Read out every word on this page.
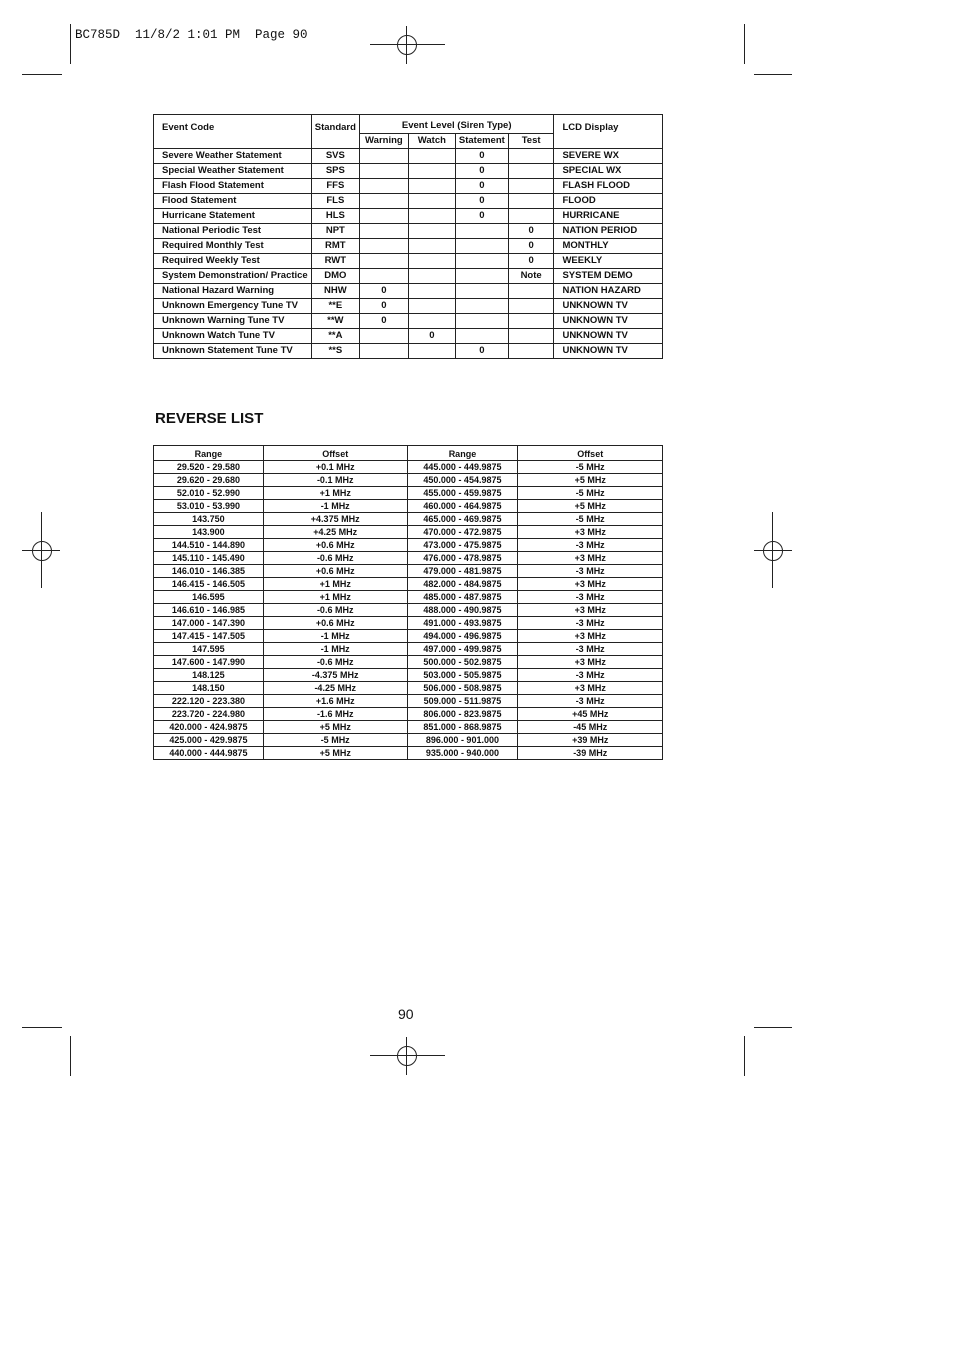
BC785D  11/8/2 1:01 PM  Page 90
Event Code	Standard	Event Level (Siren Type)				LCD Display
		Warning	Watch	Statement	Test	
Severe Weather Statement	SVS			0		SEVERE WX
Special Weather Statement	SPS			0		SPECIAL WX
Flash Flood Statement	FFS			0		FLASH FLOOD
Flood Statement	FLS			0		FLOOD
Hurricane Statement	HLS			0		HURRICANE
National Periodic Test	NPT				0	NATION PERIOD
Required Monthly Test	RMT				0	MONTHLY
Required Weekly Test	RWT				0	WEEKLY
System Demonstration/ Practice	DMO				Note	SYSTEM DEMO
National Hazard Warning	NHW	0				NATION HAZARD
Unknown Emergency Tune TV	**E	0				UNKNOWN TV
Unknown Warning Tune TV	**W	0				UNKNOWN TV
Unknown Watch Tune TV	**A		0			UNKNOWN TV
Unknown Statement Tune TV	**S			0		UNKNOWN TV
REVERSE LIST
Range	Offset	Range	Offset
29.520 - 29.580	+0.1 MHz	445.000 - 449.9875	-5 MHz
29.620 - 29.680	-0.1 MHz	450.000 - 454.9875	+5 MHz
52.010 - 52.990	+1 MHz	455.000 - 459.9875	-5 MHz
53.010 - 53.990	-1 MHz	460.000 - 464.9875	+5 MHz
143.750	+4.375 MHz	465.000 - 469.9875	-5 MHz
143.900	+4.25 MHz	470.000 - 472.9875	+3 MHz
144.510 - 144.890	+0.6 MHz	473.000 - 475.9875	-3 MHz
145.110 - 145.490	-0.6 MHz	476.000 - 478.9875	+3 MHz
146.010 - 146.385	+0.6 MHz	479.000 - 481.9875	-3 MHz
146.415 - 146.505	+1 MHz	482.000 - 484.9875	+3 MHz
146.595	+1 MHz	485.000 - 487.9875	-3 MHz
146.610 - 146.985	-0.6 MHz	488.000 - 490.9875	+3 MHz
147.000 - 147.390	+0.6 MHz	491.000 - 493.9875	-3 MHz
147.415 - 147.505	-1 MHz	494.000 - 496.9875	+3 MHz
147.595	-1 MHz	497.000 - 499.9875	-3 MHz
147.600 - 147.990	-0.6 MHz	500.000 - 502.9875	+3 MHz
148.125	-4.375 MHz	503.000 - 505.9875	-3 MHz
148.150	-4.25 MHz	506.000 - 508.9875	+3 MHz
222.120 - 223.380	+1.6 MHz	509.000 - 511.9875	-3 MHz
223.720 - 224.980	-1.6 MHz	806.000 - 823.9875	+45 MHz
420.000 - 424.9875	+5 MHz	851.000 - 868.9875	-45 MHz
425.000 - 429.9875	-5 MHz	896.000 - 901.000	+39 MHz
440.000 - 444.9875	+5 MHz	935.000 - 940.000	-39 MHz
90
